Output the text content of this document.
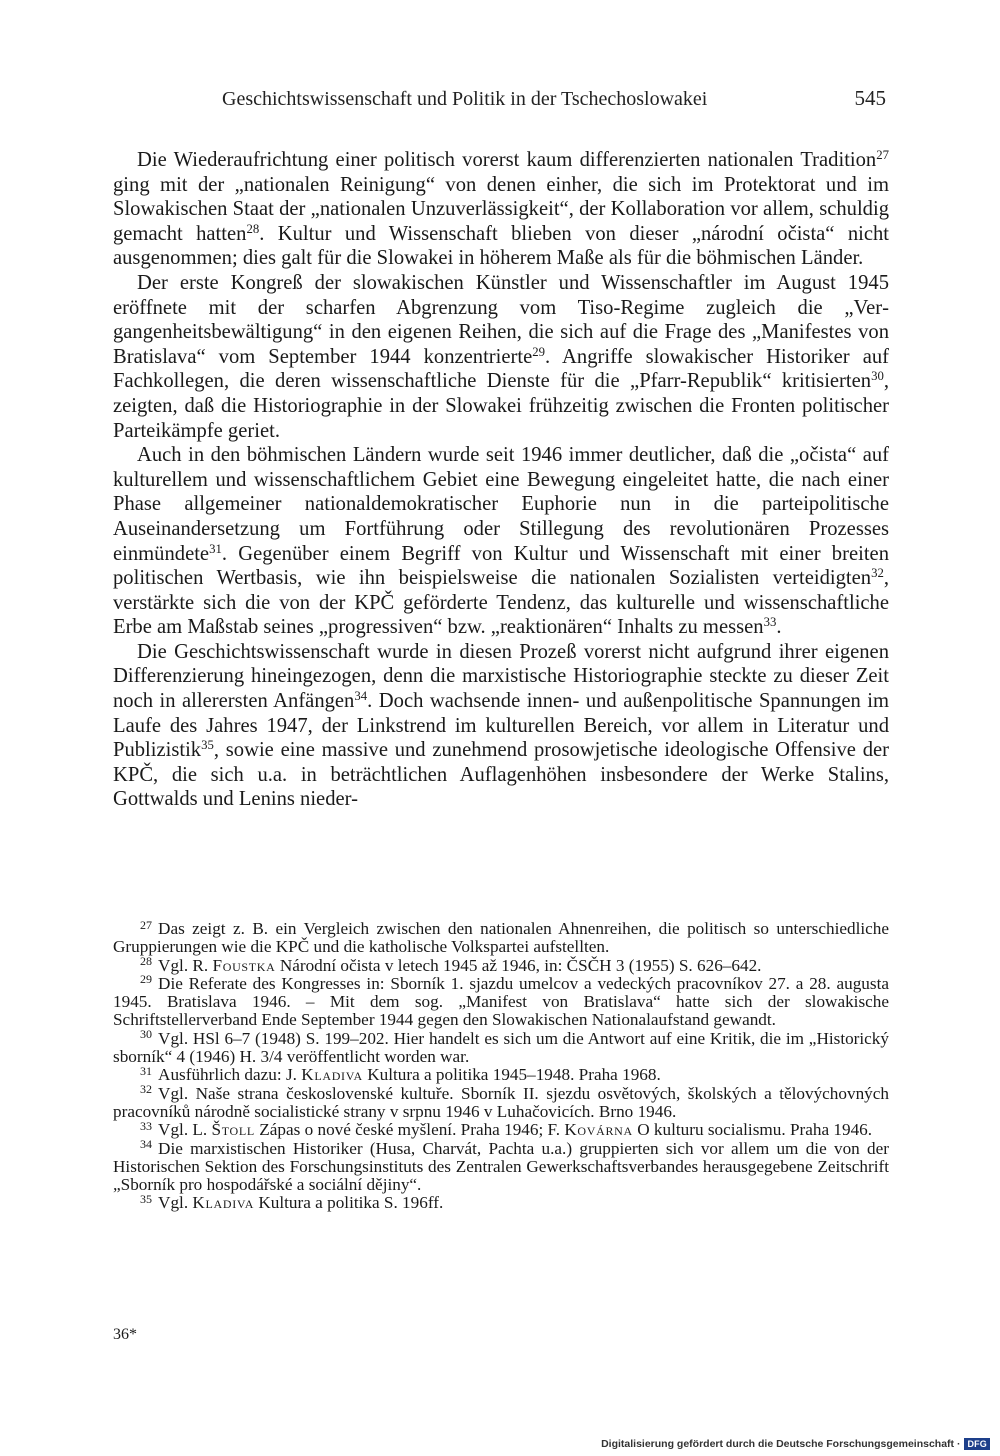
Geschichtswissenschaft und Politik in der Tschechoslowakei	545

Die Wiederaufrichtung einer politisch vorerst kaum differenzierten nationalen Tradition$^{27}$ ging mit der „nationalen Reinigung“ von denen einher, die sich im Protektorat und im Slowakischen Staat der „nationalen Unzuverlässigkeit“, der Kollaboration vor allem, schuldig gemacht hatten$^{28}$. Kultur und Wissenschaft blieben von dieser „národní očista“ nicht ausgenommen; dies galt für die Slowakei in höherem Maße als für die böhmischen Länder.

Der erste Kongreß der slowakischen Künstler und Wissenschaftler im August 1945 eröffnete mit der scharfen Abgrenzung vom Tiso-Regime zugleich die „Vergangenheitsbewältigung“ in den eigenen Reihen, die sich auf die Frage des „Manifestes von Bratislava“ vom September 1944 konzentrierte$^{29}$. Angriffe slowakischer Historiker auf Fachkollegen, die deren wissenschaftliche Dienste für die „Pfarr-Republik“ kritisierten$^{30}$, zeigten, daß die Historiographie in der Slowakei frühzeitig zwischen die Fronten politischer Parteikämpfe geriet.

Auch in den böhmischen Ländern wurde seit 1946 immer deutlicher, daß die „očista“ auf kulturellem und wissenschaftlichem Gebiet eine Bewegung eingeleitet hatte, die nach einer Phase allgemeiner nationaldemokratischer Euphorie nun in die parteipolitische Auseinandersetzung um Fortführung oder Stillegung des revolutionären Prozesses einmündete$^{31}$. Gegenüber einem Begriff von Kultur und Wissenschaft mit einer breiten politischen Wertbasis, wie ihn beispielsweise die nationalen Sozialisten verteidigten$^{32}$, verstärkte sich die von der KPČ geförderte Tendenz, das kulturelle und wissenschaftliche Erbe am Maßstab seines „progressiven“ bzw. „reaktionären“ Inhalts zu messen$^{33}$.

Die Geschichtswissenschaft wurde in diesen Prozeß vorerst nicht aufgrund ihrer eigenen Differenzierung hineingezogen, denn die marxistische Historiographie steckte zu dieser Zeit noch in allerersten Anfängen$^{34}$. Doch wachsende innen- und außenpolitische Spannungen im Laufe des Jahres 1947, der Linkstrend im kulturellen Bereich, vor allem in Literatur und Publizistik$^{35}$, sowie eine massive und zunehmend prosowjetische ideologische Offensive der KPČ, die sich u.a. in beträchtlichen Auflagenhöhen insbesondere der Werke Stalins, Gottwalds und Lenins nieder-

$^{27}$ Das zeigt z. B. ein Vergleich zwischen den nationalen Ahnenreihen, die politisch so unterschiedliche Gruppierungen wie die KPČ und die katholische Volkspartei aufstellten.

$^{28}$ Vgl. R. Foustka Národní očista v letech 1945 až 1946, in: ČSČH 3 (1955) S. 626–642.

$^{29}$ Die Referate des Kongresses in: Sborník 1. sjazdu umelcov a vedeckých pracovníkov 27. a 28. augusta 1945. Bratislava 1946. – Mit dem sog. „Manifest von Bratislava“ hatte sich der slowakische Schriftstellerverband Ende September 1944 gegen den Slowakischen Nationalaufstand gewandt.

$^{30}$ Vgl. HSl 6–7 (1948) S. 199–202. Hier handelt es sich um die Antwort auf eine Kritik, die im „Historický sborník“ 4 (1946) H. 3/4 veröffentlicht worden war.

$^{31}$ Ausführlich dazu: J. Kladiva Kultura a politika 1945–1948. Praha 1968.

$^{32}$ Vgl. Naše strana československé kultuře. Sborník II. sjezdu osvětových, školských a tělovýchovných pracovníků národně socialistické strany v srpnu 1946 v Luhačovicích. Brno 1946.

$^{33}$ Vgl. L. Štoll Zápas o nové české myšlení. Praha 1946; F. Kovárna O kulturu socialismu. Praha 1946.

$^{34}$ Die marxistischen Historiker (Husa, Charvát, Pachta u.a.) gruppierten sich vor allem um die von der Historischen Sektion des Forschungsinstituts des Zentralen Gewerkschaftsverbandes herausgegebene Zeitschrift „Sborník pro hospodářské a sociální dějiny“.

$^{35}$ Vgl. Kladiva Kultura a politika S. 196ff.

36*
Digitalisierung gefördert durch die Deutsche Forschungsgemeinschaft · DFG
